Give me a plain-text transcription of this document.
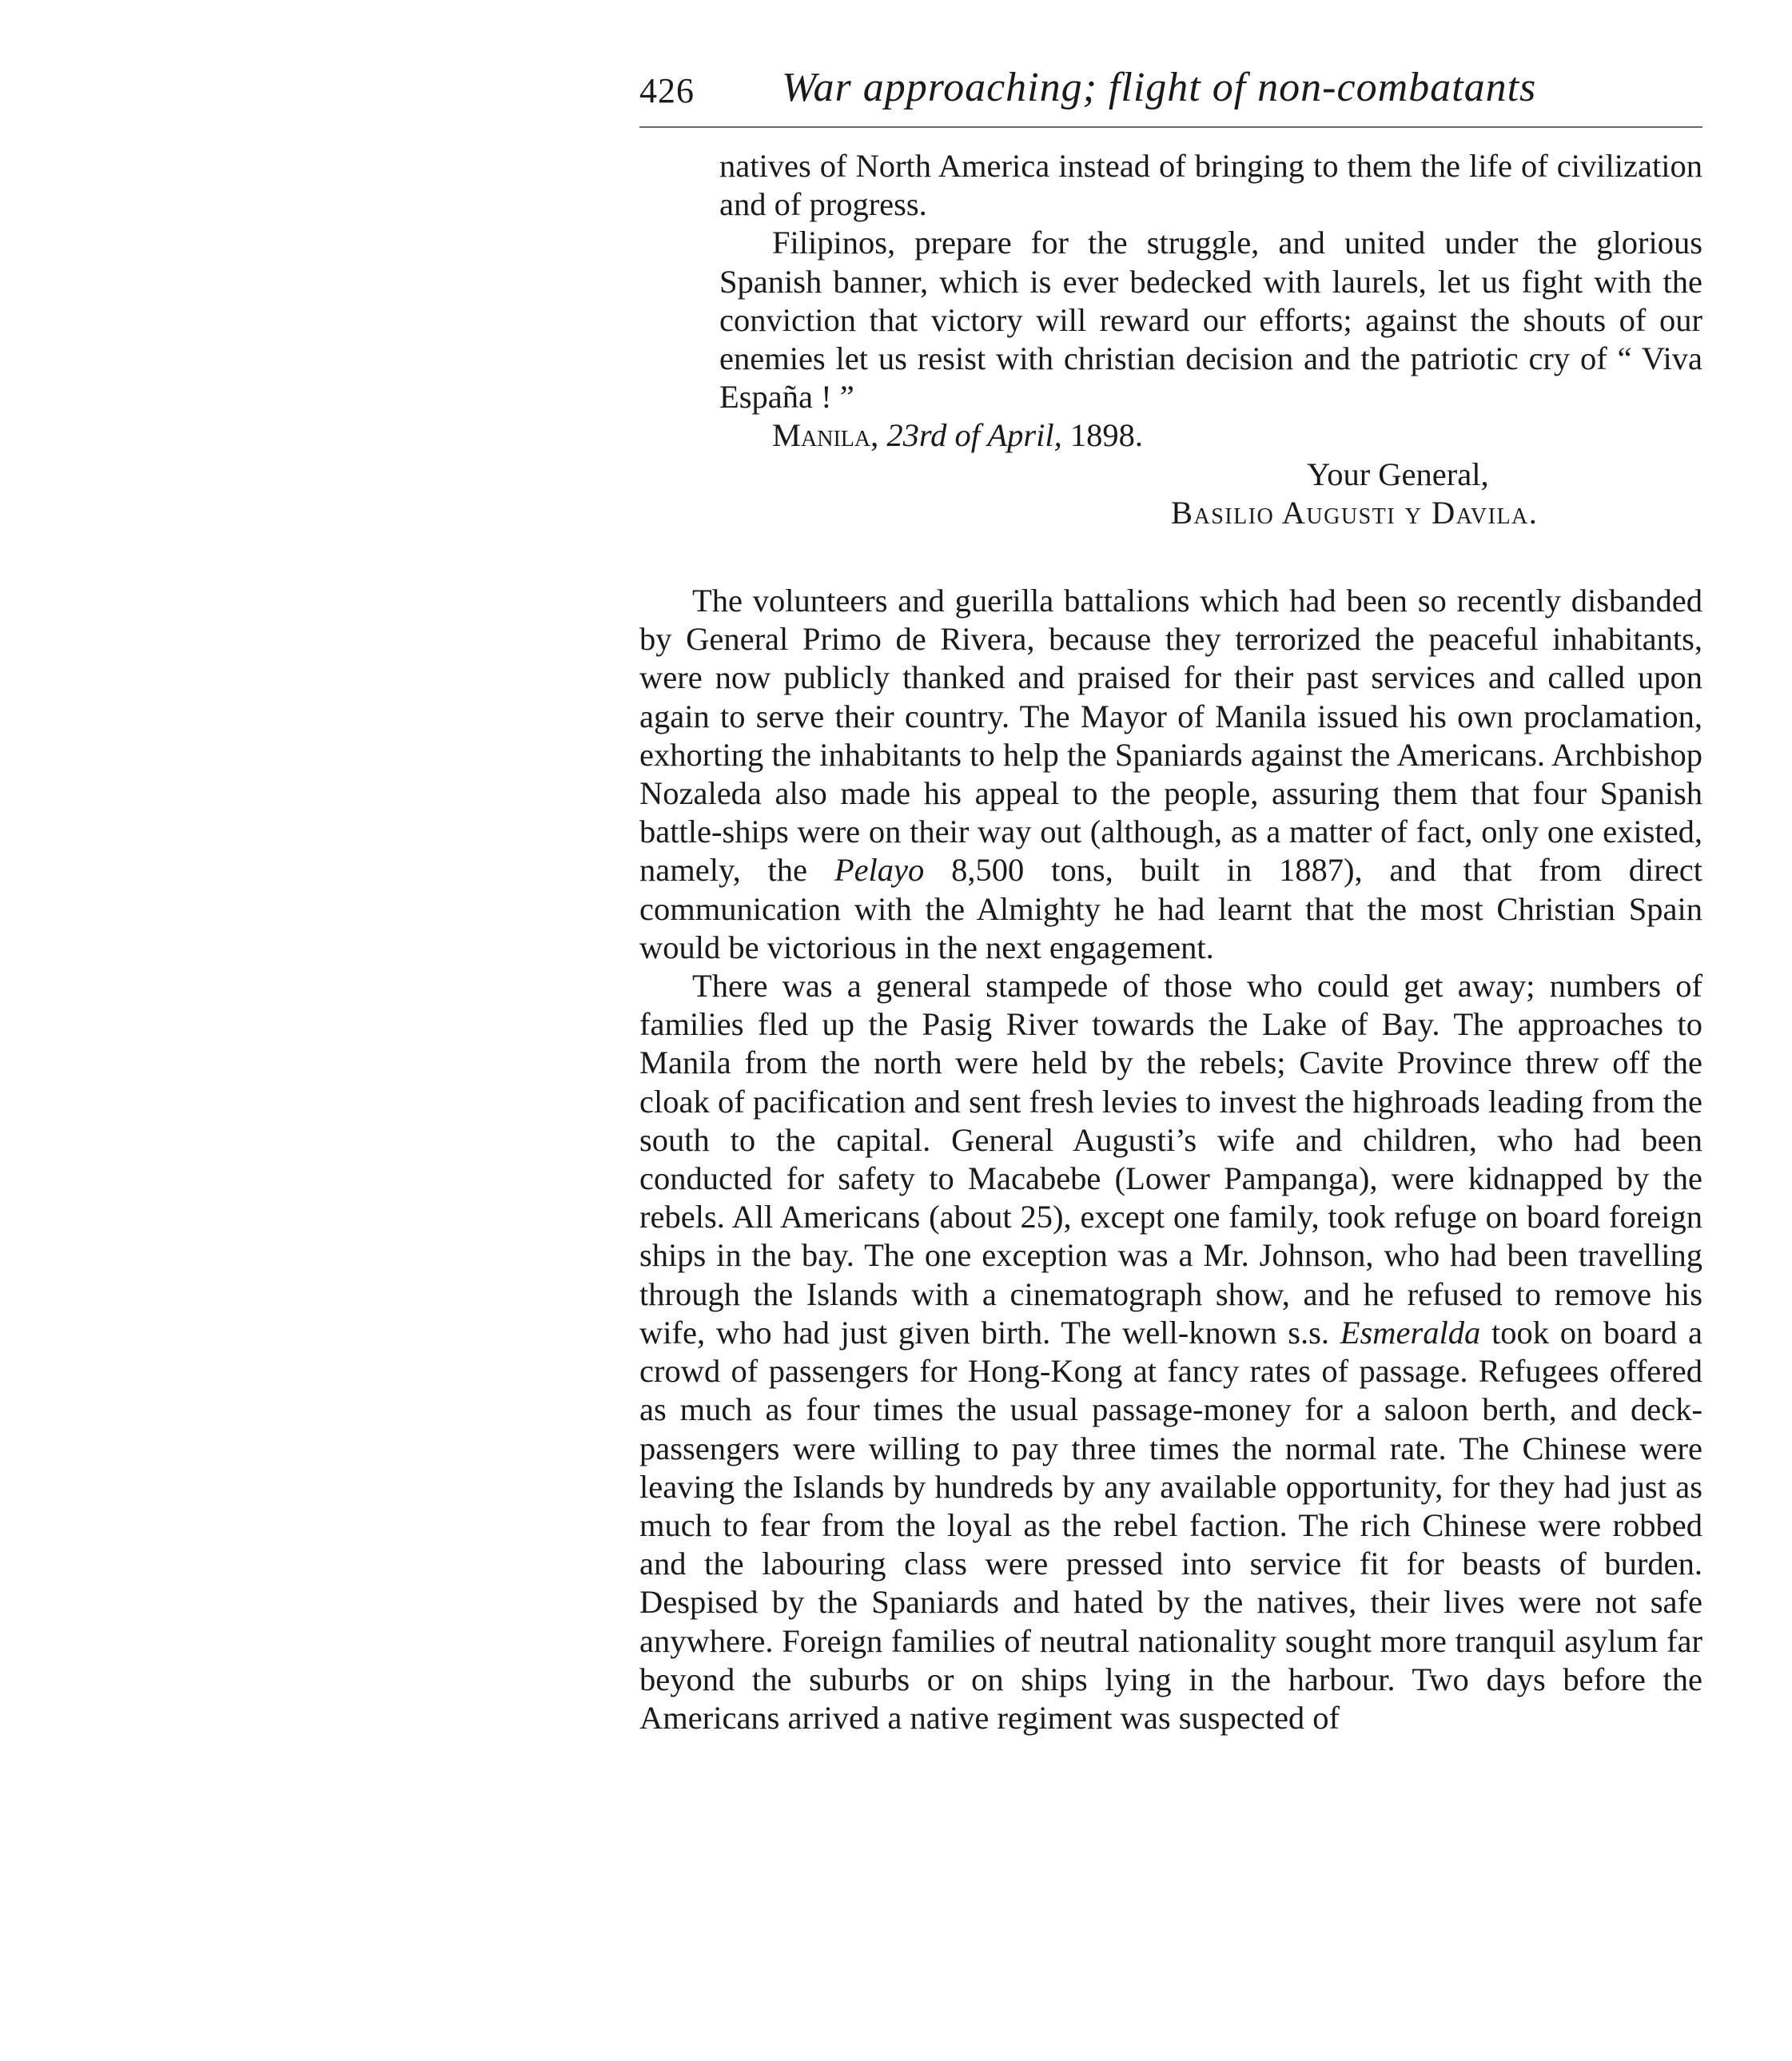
426 War approaching; flight of non-combatants

natives of North America instead of bringing to them the life of civilization and of progress.

Filipinos, prepare for the struggle, and united under the glorious Spanish banner, which is ever bedecked with laurels, let us fight with the conviction that victory will reward our efforts; against the shouts of our enemies let us resist with christian decision and the patriotic cry of “ Viva España ! ”

Manila, 23rd of April, 1898.

Your General,

Basilio Augusti y Davila.

The volunteers and guerilla battalions which had been so recently disbanded by General Primo de Rivera, because they terrorized the peaceful inhabitants, were now publicly thanked and praised for their past services and called upon again to serve their country. The Mayor of Manila issued his own proclamation, exhorting the inhabitants to help the Spaniards against the Americans. Archbishop Nozaleda also made his appeal to the people, assuring them that four Spanish battle-ships were on their way out (although, as a matter of fact, only one existed, namely, the Pelayo 8,500 tons, built in 1887), and that from direct communication with the Almighty he had learnt that the most Christian Spain would be victorious in the next engagement.

There was a general stampede of those who could get away; numbers of families fled up the Pasig River towards the Lake of Bay. The approaches to Manila from the north were held by the rebels; Cavite Province threw off the cloak of pacification and sent fresh levies to invest the highroads leading from the south to the capital. General Augusti’s wife and children, who had been conducted for safety to Macabebe (Lower Pampanga), were kidnapped by the rebels. All Americans (about 25), except one family, took refuge on board foreign ships in the bay. The one exception was a Mr. Johnson, who had been travelling through the Islands with a cinematograph show, and he refused to remove his wife, who had just given birth. The well-known s.s. Esmeralda took on board a crowd of passengers for Hong-Kong at fancy rates of passage. Refugees offered as much as four times the usual passage-money for a saloon berth, and deck-passengers were willing to pay three times the normal rate. The Chinese were leaving the Islands by hundreds by any available opportunity, for they had just as much to fear from the loyal as the rebel faction. The rich Chinese were robbed and the labouring class were pressed into service fit for beasts of burden. Despised by the Spaniards and hated by the natives, their lives were not safe anywhere. Foreign families of neutral nationality sought more tranquil asylum far beyond the suburbs or on ships lying in the harbour. Two days before the Americans arrived a native regiment was suspected of
